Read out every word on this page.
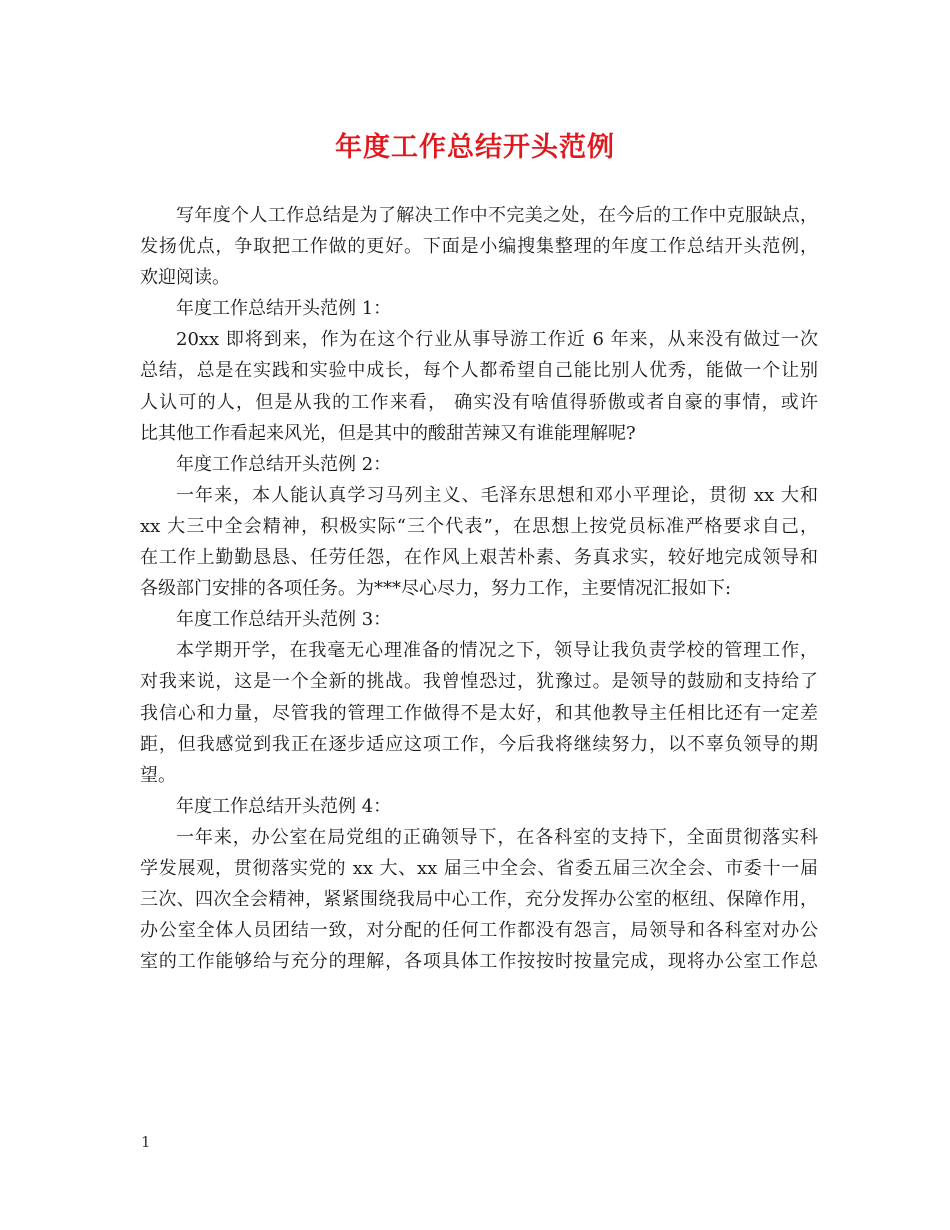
年度工作总结开头范例
写年度个人工作总结是为了解决工作中不完美之处，在今后的工作中克服缺点，
发扬优点，争取把工作做的更好。下面是小编搜集整理的年度工作总结开头范例，
欢迎阅读。
年度工作总结开头范例 1：
20xx 即将到来，作为在这个行业从事导游工作近 6 年来，从来没有做过一次
总结，总是在实践和实验中成长，每个人都希望自己能比别人优秀，能做一个让别
人认可的人，但是从我的工作来看， 确实没有啥值得骄傲或者自豪的事情，或许
比其他工作看起来风光，但是其中的酸甜苦辣又有谁能理解呢?
年度工作总结开头范例 2：
一年来，本人能认真学习马列主义、毛泽东思想和邓小平理论，贯彻 xx 大和
xx 大三中全会精神，积极实际“三个代表”，在思想上按党员标准严格要求自己，
在工作上勤勤恳恳、任劳任怨，在作风上艰苦朴素、务真求实，较好地完成领导和
各级部门安排的各项任务。为***尽心尽力，努力工作，主要情况汇报如下:
年度工作总结开头范例 3：
本学期开学，在我毫无心理准备的情况之下，领导让我负责学校的管理工作，
对我来说，这是一个全新的挑战。我曾惶恐过，犹豫过。是领导的鼓励和支持给了
我信心和力量，尽管我的管理工作做得不是太好，和其他教导主任相比还有一定差
距，但我感觉到我正在逐步适应这项工作，今后我将继续努力，以不辜负领导的期
望。
年度工作总结开头范例 4：
一年来，办公室在局党组的正确领导下，在各科室的支持下，全面贯彻落实科
学发展观，贯彻落实党的 xx 大、xx 届三中全会、省委五届三次全会、市委十一届
三次、四次全会精神，紧紧围绕我局中心工作，充分发挥办公室的枢纽、保障作用，
办公室全体人员团结一致，对分配的任何工作都没有怨言，局领导和各科室对办公
室的工作能够给与充分的理解，各项具体工作按按时按量完成，现将办公室工作总
1
